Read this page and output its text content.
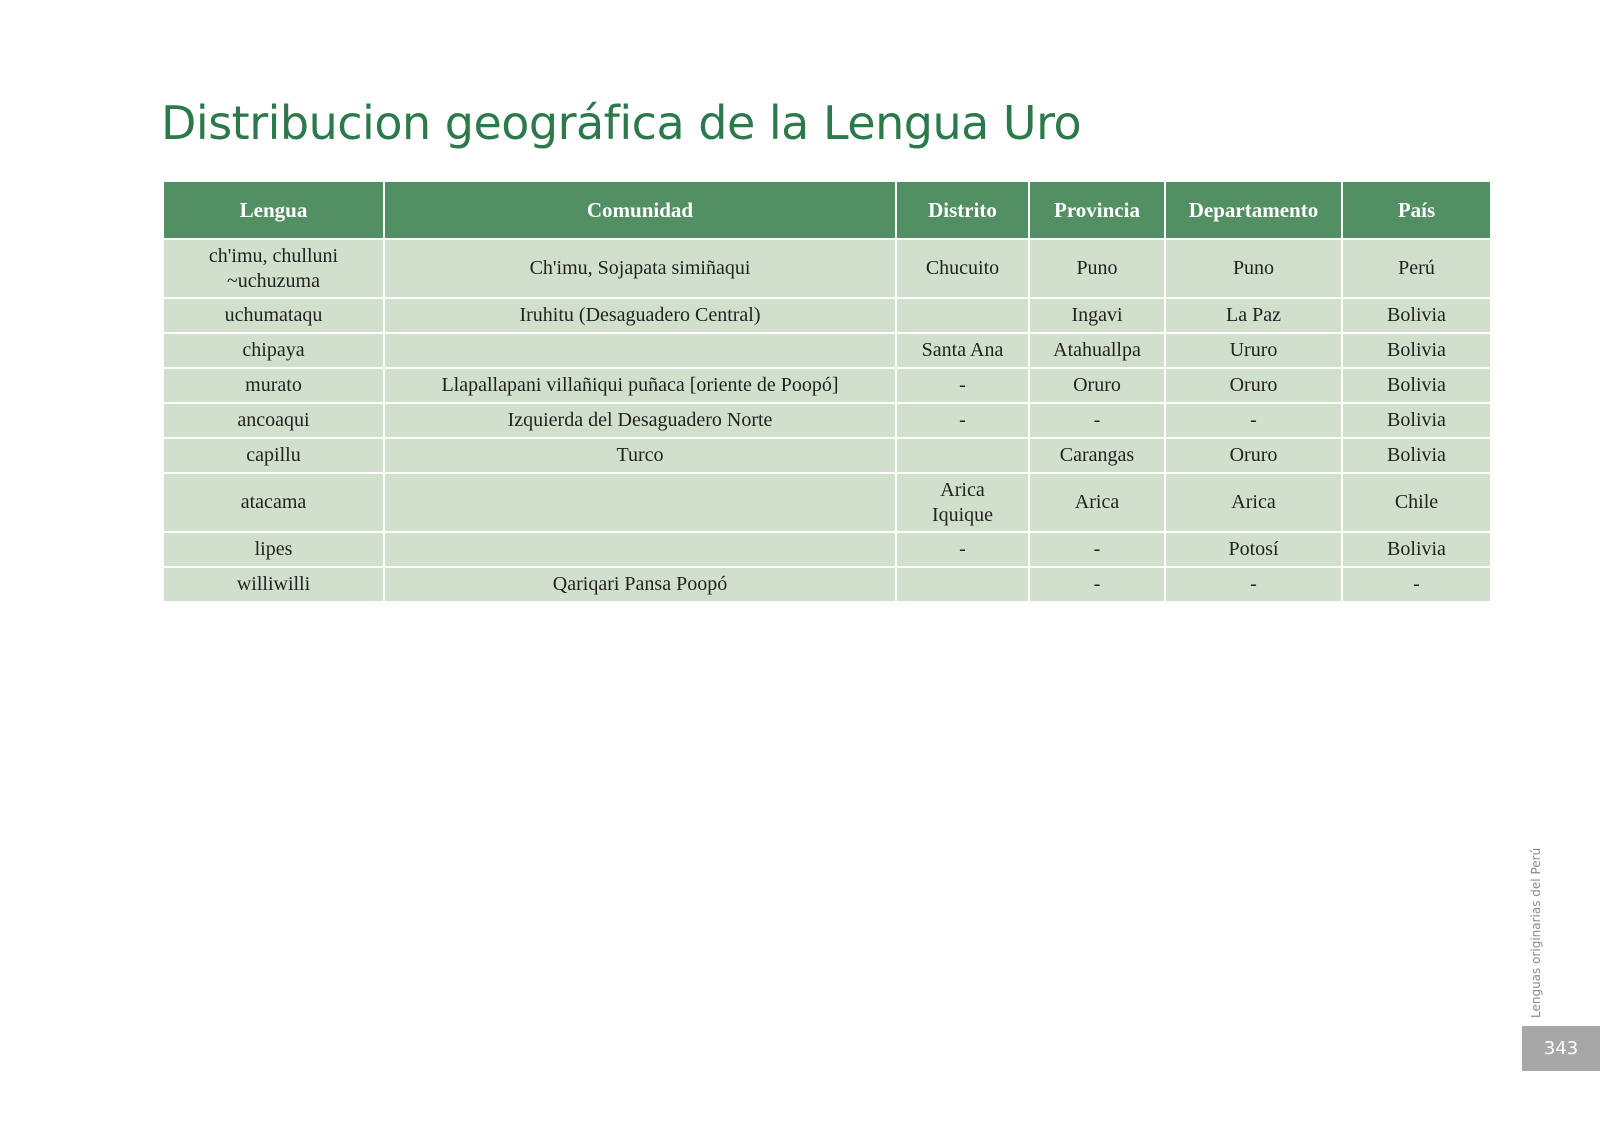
Distribucion geográfica de la Lengua Uro
Lengua	Comunidad	Distrito	Provincia	Departamento	País
ch'imu, chulluni ~uchuzuma	Ch'imu, Sojapata simiñaqui	Chucuito	Puno	Puno	Perú
uchumataqu	Iruhitu (Desaguadero Central)		Ingavi	La Paz	Bolivia
chipaya		Santa Ana	Atahuallpa	Ururo	Bolivia
murato	Llapallapani villañiqui puñaca [oriente de Poopó]	-	Oruro	Oruro	Bolivia
ancoaqui	Izquierda del Desaguadero Norte	-	-	-	Bolivia
capillu	Turco		Carangas	Oruro	Bolivia
atacama		Arica Iquique	Arica	Arica	Chile
lipes		-	-	Potosí	Bolivia
williwilli	Qariqari Pansa Poopó		-	-	-
Lenguas originarias del Perú
343
